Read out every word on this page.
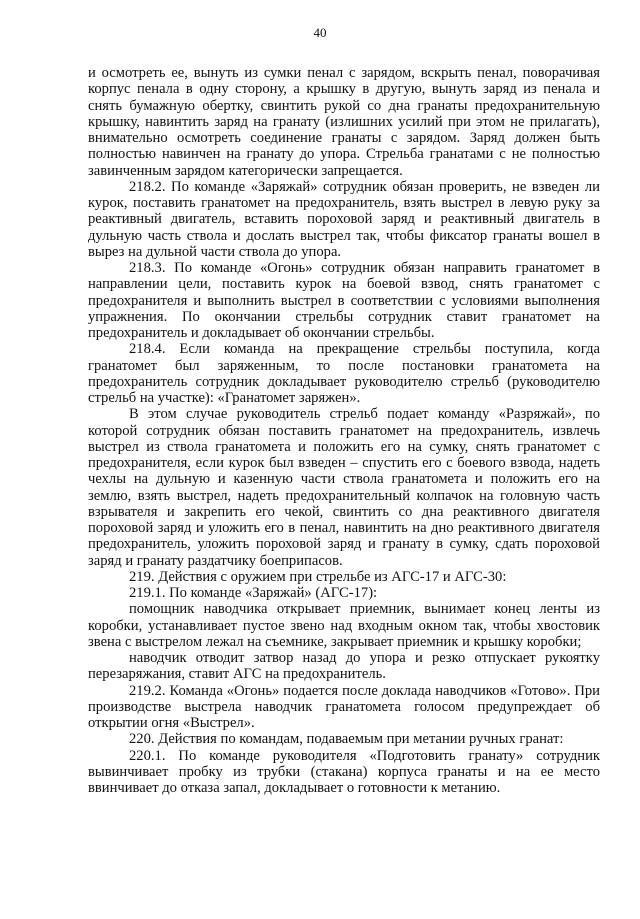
40

и осмотреть ее, вынуть из сумки пенал с зарядом, вскрыть пенал, поворачивая корпус пенала в одну сторону, а крышку в другую, вынуть заряд из пенала и снять бумажную обертку, свинтить рукой со дна гранаты предохранительную крышку, навинтить заряд на гранату (излишних усилий при этом не прилагать), внимательно осмотреть соединение гранаты с зарядом. Заряд должен быть полностью навинчен на гранату до упора. Стрельба гранатами с не полностью завинченным зарядом категорически запрещается.

218.2. По команде «Заряжай» сотрудник обязан проверить, не взведен ли курок, поставить гранатомет на предохранитель, взять выстрел в левую руку за реактивный двигатель, вставить пороховой заряд и реактивный двигатель в дульную часть ствола и дослать выстрел так, чтобы фиксатор гранаты вошел в вырез на дульной части ствола до упора.

218.3. По команде «Огонь» сотрудник обязан направить гранатомет в направлении цели, поставить курок на боевой взвод, снять гранатомет с предохранителя и выполнить выстрел в соответствии с условиями выполнения упражнения. По окончании стрельбы сотрудник ставит гранатомет на предохранитель и докладывает об окончании стрельбы.

218.4. Если команда на прекращение стрельбы поступила, когда гранатомет был заряженным, то после постановки гранатомета на предохранитель сотрудник докладывает руководителю стрельб (руководителю стрельб на участке): «Гранатомет заряжен».

В этом случае руководитель стрельб подает команду «Разряжай», по которой сотрудник обязан поставить гранатомет на предохранитель, извлечь выстрел из ствола гранатомета и положить его на сумку, снять гранатомет с предохранителя, если курок был взведен – спустить его с боевого взвода, надеть чехлы на дульную и казенную части ствола гранатомета и положить его на землю, взять выстрел, надеть предохранительный колпачок на головную часть взрывателя и закрепить его чекой, свинтить со дна реактивного двигателя пороховой заряд и уложить его в пенал, навинтить на дно реактивного двигателя предохранитель, уложить пороховой заряд и гранату в сумку, сдать пороховой заряд и гранату раздатчику боеприпасов.

219. Действия с оружием при стрельбе из АГС-17 и АГС-30:

219.1. По команде «Заряжай» (АГС-17):

помощник наводчика открывает приемник, вынимает конец ленты из коробки, устанавливает пустое звено над входным окном так, чтобы хвостовик звена с выстрелом лежал на съемнике, закрывает приемник и крышку коробки;

наводчик отводит затвор назад до упора и резко отпускает рукоятку перезаряжания, ставит АГС на предохранитель.

219.2. Команда «Огонь» подается после доклада наводчиков «Готово». При производстве выстрела наводчик гранатомета голосом предупреждает об открытии огня «Выстрел».

220. Действия по командам, подаваемым при метании ручных гранат:

220.1. По команде руководителя «Подготовить гранату» сотрудник вывинчивает пробку из трубки (стакана) корпуса гранаты и на ее место ввинчивает до отказа запал, докладывает о готовности к метанию.
